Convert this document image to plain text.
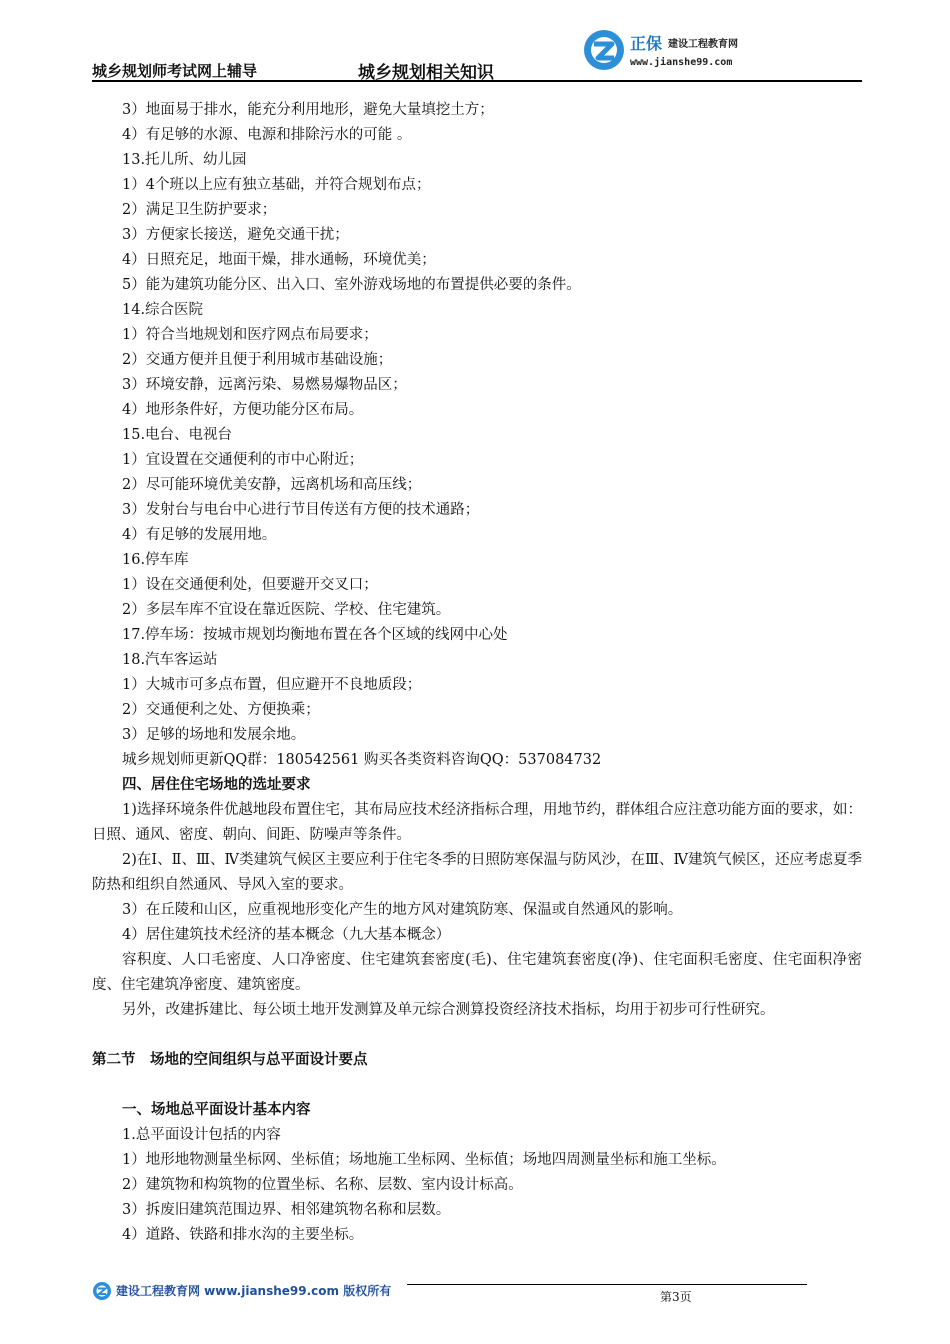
城乡规划师考试网上辅导	城乡规划相关知识
正保 建设工程教育网
www.jianshe99.com
3）地面易于排水，能充分利用地形，避免大量填挖土方；
4）有足够的水源、电源和排除污水的可能 。
13.托儿所、幼儿园
1）4个班以上应有独立基础，并符合规划布点；
2）满足卫生防护要求；
3）方便家长接送，避免交通干扰；
4）日照充足，地面干燥，排水通畅，环境优美；
5）能为建筑功能分区、出入口、室外游戏场地的布置提供必要的条件。
14.综合医院
1）符合当地规划和医疗网点布局要求；
2）交通方便并且便于利用城市基础设施；
3）环境安静，远离污染、易燃易爆物品区；
4）地形条件好，方便功能分区布局。
15.电台、电视台
1）宜设置在交通便利的市中心附近；
2）尽可能环境优美安静，远离机场和高压线；
3）发射台与电台中心进行节目传送有方便的技术通路；
4）有足够的发展用地。
16.停车库
1）设在交通便利处，但要避开交叉口；
2）多层车库不宜设在靠近医院、学校、住宅建筑。
17.停车场：按城市规划均衡地布置在各个区域的线网中心处
18.汽车客运站
1）大城市可多点布置，但应避开不良地质段；
2）交通便利之处、方便换乘；
3）足够的场地和发展余地。
城乡规划师更新QQ群：180542561 购买各类资料咨询QQ：537084732
四、居住住宅场地的选址要求
1)选择环境条件优越地段布置住宅，其布局应技术经济指标合理，用地节约，群体组合应注意功能方面的要求，如：日照、通风、密度、朝向、间距、防噪声等条件。
2)在Ⅰ、Ⅱ、Ⅲ、Ⅳ类建筑气候区主要应利于住宅冬季的日照防寒保温与防风沙，在Ⅲ、Ⅳ建筑气候区，还应考虑夏季防热和组织自然通风、导风入室的要求。
3）在丘陵和山区，应重视地形变化产生的地方风对建筑防寒、保温或自然通风的影响。
4）居住建筑技术经济的基本概念（九大基本概念）
容积度、人口毛密度、人口净密度、住宅建筑套密度(毛)、住宅建筑套密度(净)、住宅面积毛密度、住宅面积净密度、住宅建筑净密度、建筑密度。
另外，改建拆建比、每公顷土地开发测算及单元综合测算投资经济技术指标，均用于初步可行性研究。
第二节　场地的空间组织与总平面设计要点
一、场地总平面设计基本内容
1.总平面设计包括的内容
1）地形地物测量坐标网、坐标值；场地施工坐标网、坐标值；场地四周测量坐标和施工坐标。
2）建筑物和构筑物的位置坐标、名称、层数、室内设计标高。
3）拆废旧建筑范围边界、相邻建筑物名称和层数。
4）道路、铁路和排水沟的主要坐标。
建设工程教育网 www.jianshe99.com 版权所有	第3页
